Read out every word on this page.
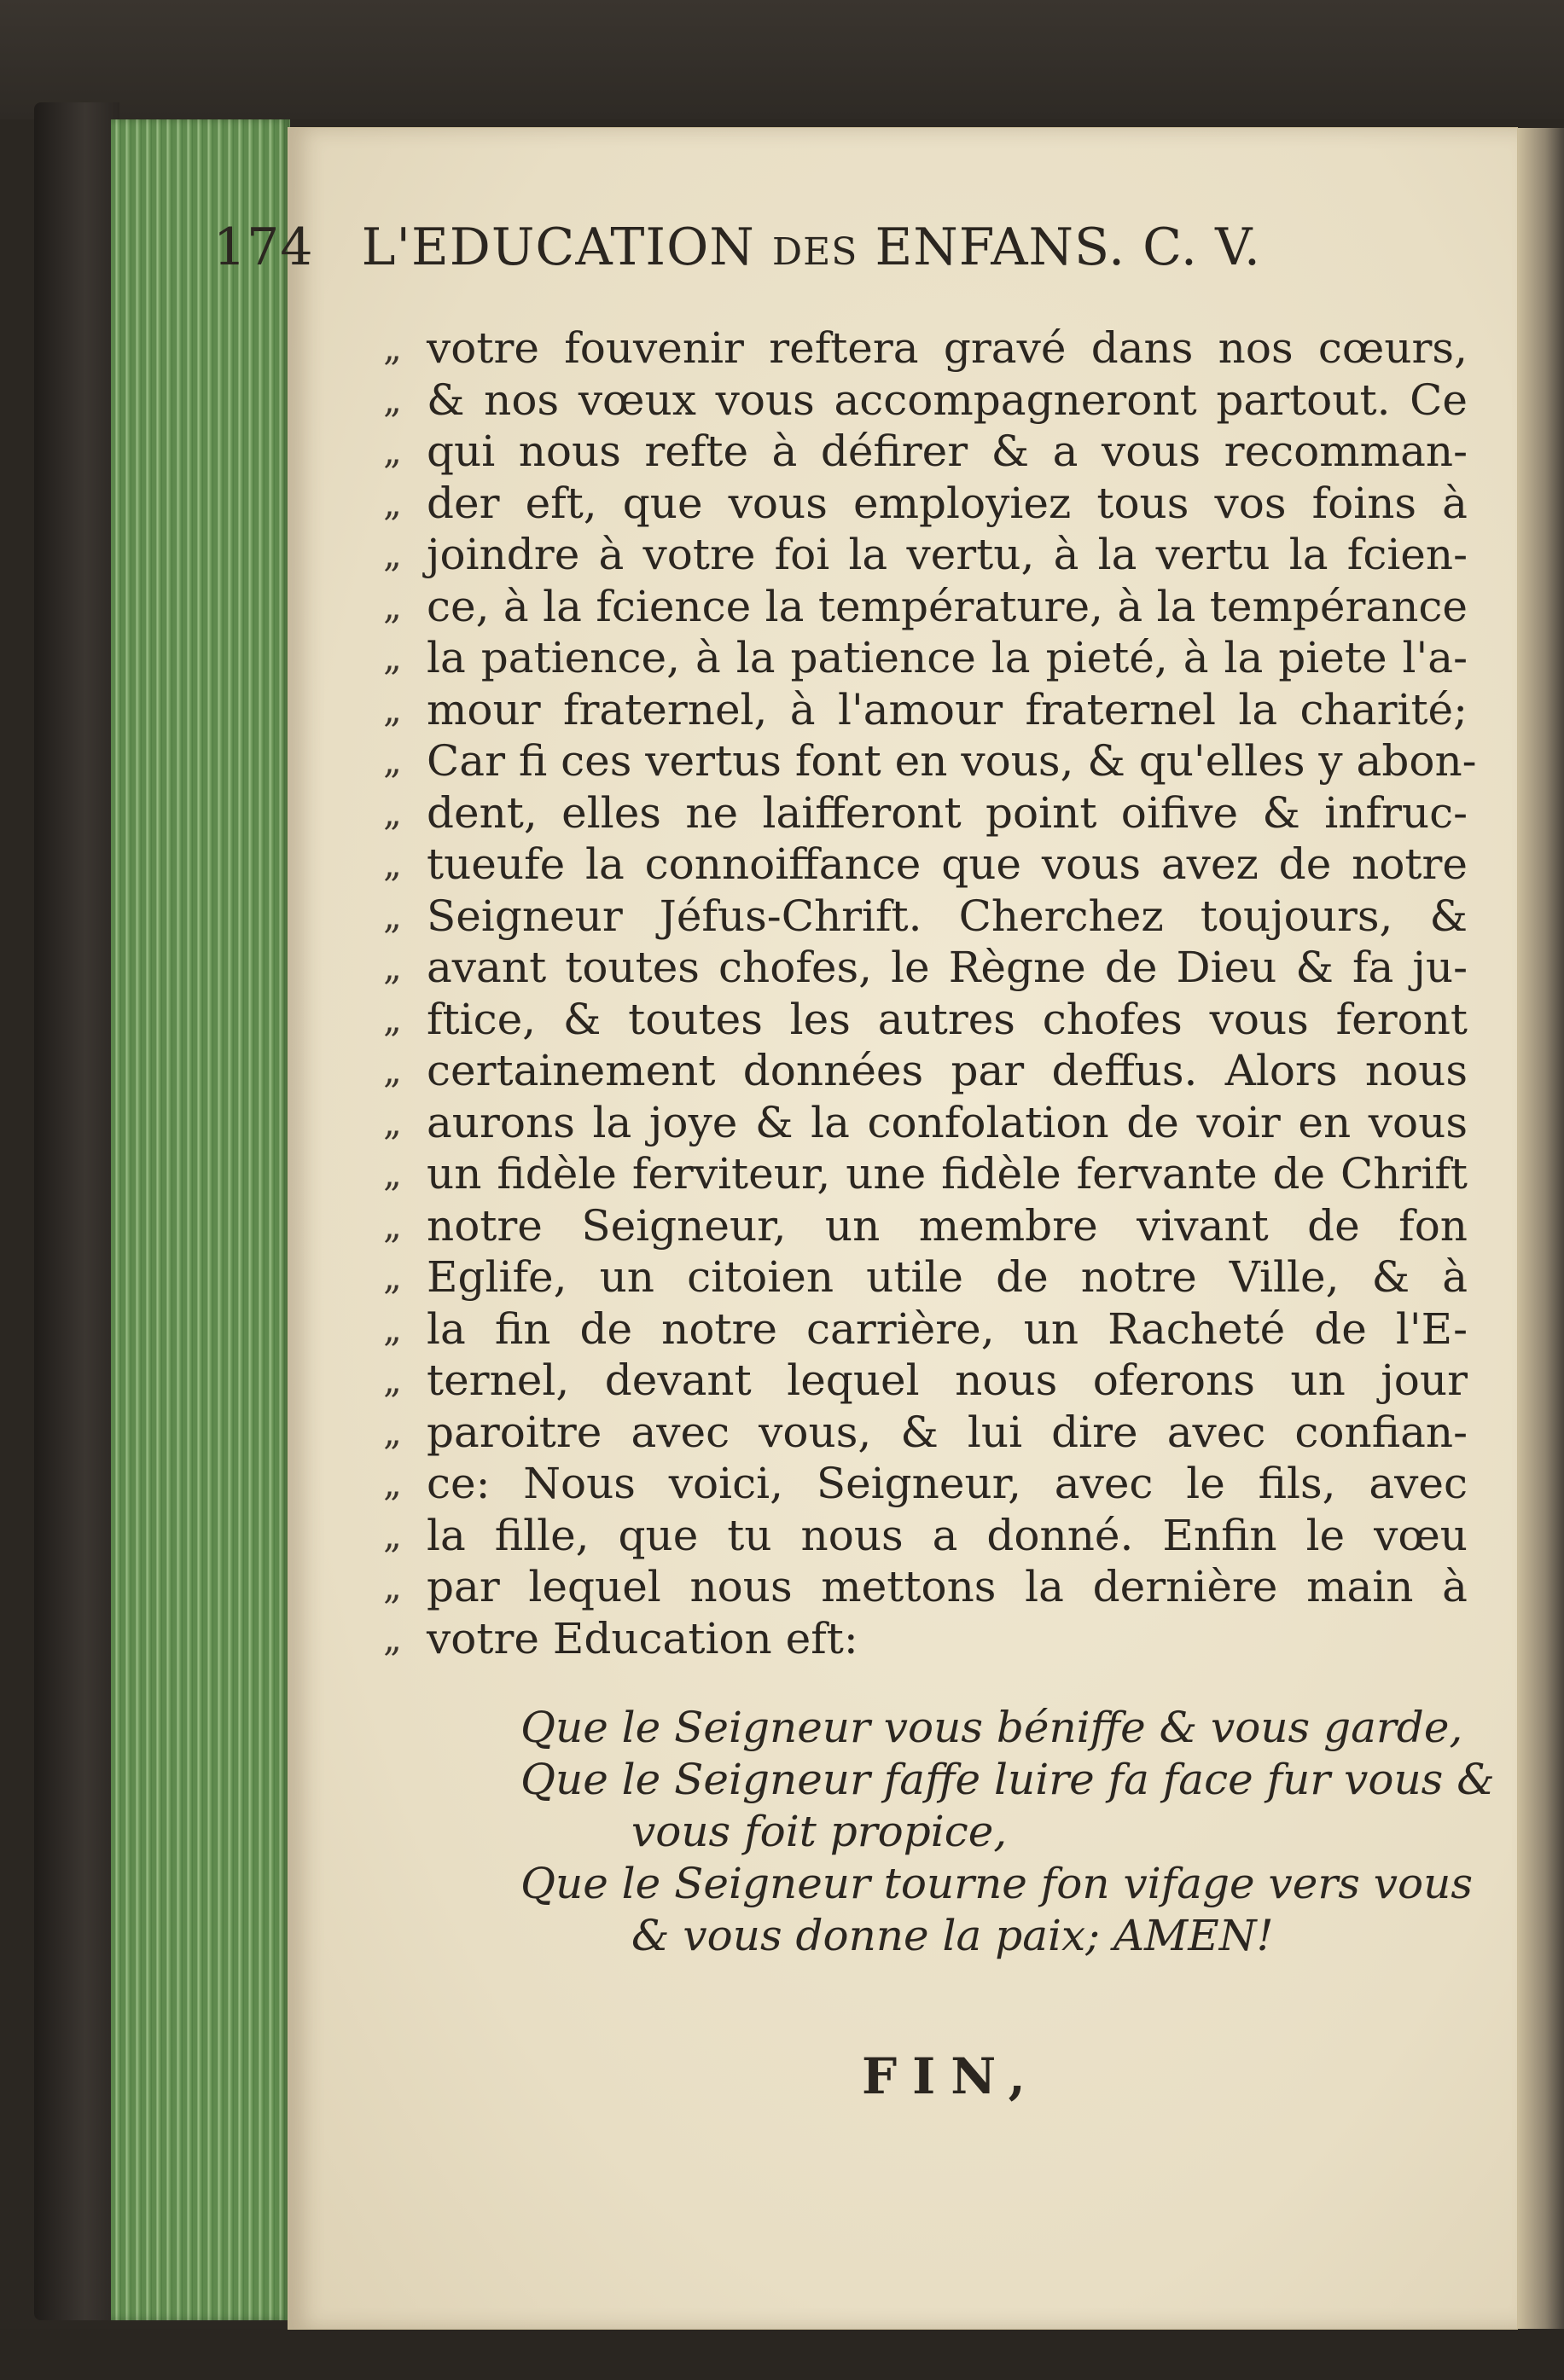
174 L'EDUCATION DES ENFANS. C. V.
„ votre fouvenir reftera gravé dans nos cœurs,
„ & nos vœux vous accompagneront partout. Ce
„ qui nous refte à défirer & a vous recomman-
„ der eft, que vous employiez tous vos foins à
„ joindre à votre foi la vertu, à la vertu la fcien-
„ ce, à la fcience la température, à la tempérance
„ la patience, à la patience la pieté, à la piete l'a-
„ mour fraternel, à l'amour fraternel la charité;
„ Car fi ces vertus font en vous, & qu'elles y abon-
„ dent, elles ne laifferont point oifive & infruc-
„ tueufe la connoiffance que vous avez de notre
„ Seigneur Jéfus-Chrift. Cherchez toujours, &
„ avant toutes chofes, le Règne de Dieu & fa ju-
„ ftice, & toutes les autres chofes vous feront
„ certainement données par deffus. Alors nous
„ aurons la joye & la confolation de voir en vous
„ un fidèle ferviteur, une fidèle fervante de Chrift
„ notre Seigneur, un membre vivant de fon
„ Eglife, un citoien utile de notre Ville, & à
„ la fin de notre carrière, un Racheté de l'E-
„ ternel, devant lequel nous oferons un jour
„ paroitre avec vous, & lui dire avec confian-
„ ce: Nous voici, Seigneur, avec le fils, avec
„ la fille, que tu nous a donné. Enfin le vœu
„ par lequel nous mettons la dernière main à
„ votre Education eft:
Que le Seigneur vous béniffe & vous garde,
Que le Seigneur faffe luire fa face fur vous &
vous foit propice,
Que le Seigneur tourne fon vifage vers vous
& vous donne la paix; AMEN!
FIN,
